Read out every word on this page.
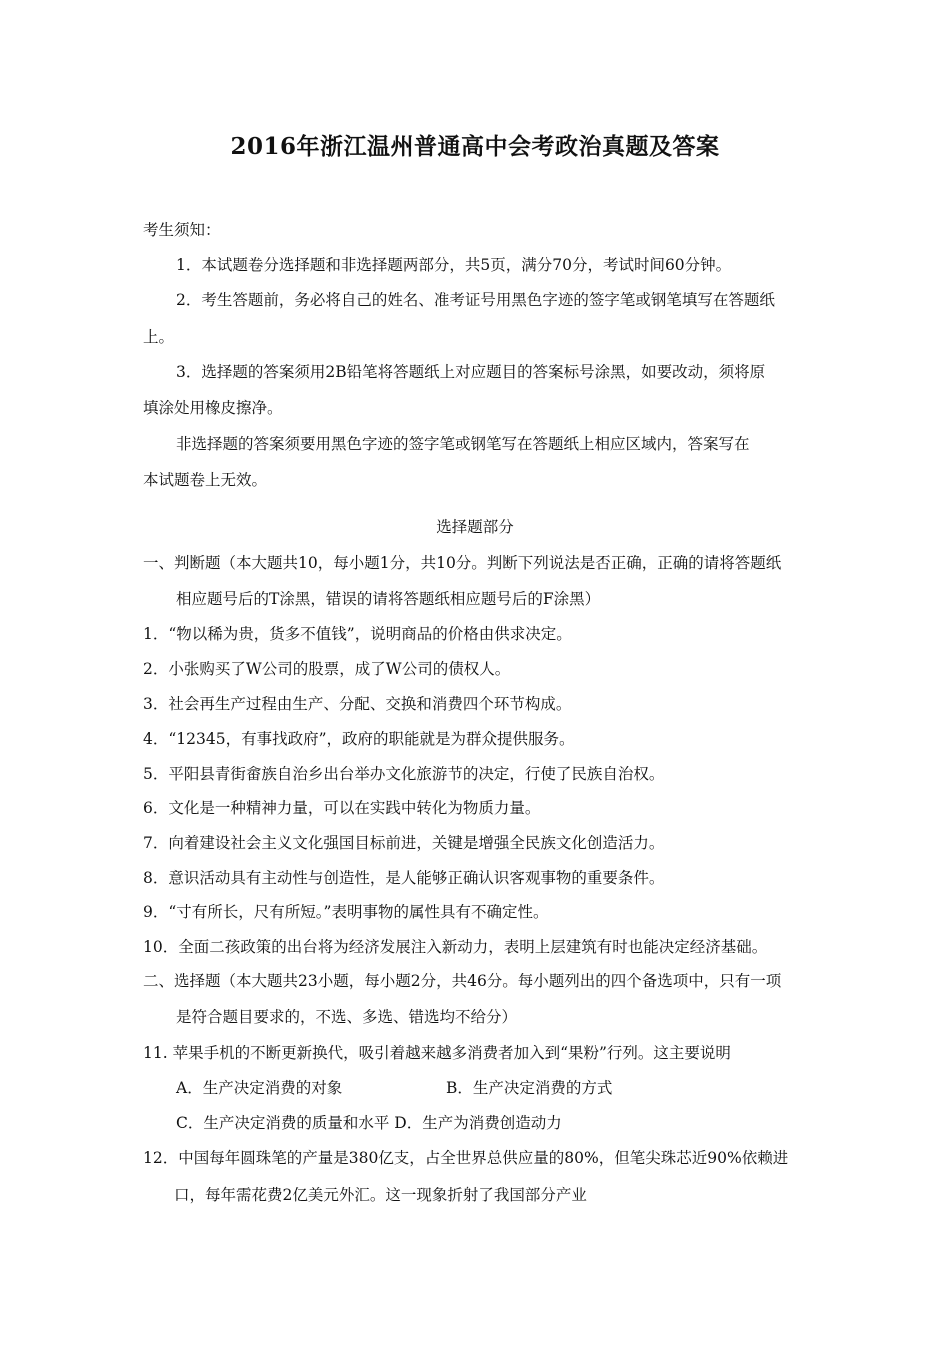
2016年浙江温州普通高中会考政治真题及答案
考生须知：
1．本试题卷分选择题和非选择题两部分，共5页，满分70分，考试时间60分钟。
2．考生答题前，务必将自己的姓名、准考证号用黑色字迹的签字笔或钢笔填写在答题纸
上。
3．选择题的答案须用2B铅笔将答题纸上对应题目的答案标号涂黑，如要改动，须将原
填涂处用橡皮擦净。
非选择题的答案须要用黑色字迹的签字笔或钢笔写在答题纸上相应区域内，答案写在
本试题卷上无效。
选择题部分
一、判断题（本大题共10，每小题1分，共10分。判断下列说法是否正确，正确的请将答题纸
相应题号后的T涂黑，错误的请将答题纸相应题号后的F涂黑）
1．“物以稀为贵，货多不值钱”，说明商品的价格由供求决定。
2．小张购买了W公司的股票，成了W公司的债权人。
3．社会再生产过程由生产、分配、交换和消费四个环节构成。
4．“12345，有事找政府”，政府的职能就是为群众提供服务。
5．平阳县青街畲族自治乡出台举办文化旅游节的决定，行使了民族自治权。
6．文化是一种精神力量，可以在实践中转化为物质力量。
7．向着建设社会主义文化强国目标前进，关键是增强全民族文化创造活力。
8．意识活动具有主动性与创造性，是人能够正确认识客观事物的重要条件。
9．“寸有所长，尺有所短。”表明事物的属性具有不确定性。
10．全面二孩政策的出台将为经济发展注入新动力，表明上层建筑有时也能决定经济基础。
二、选择题（本大题共23小题，每小题2分，共46分。每小题列出的四个备选项中，只有一项
是符合题目要求的，不选、多选、错选均不给分）
11. 苹果手机的不断更新换代，吸引着越来越多消费者加入到“果粉”行列。这主要说明
A．生产决定消费的对象	B．生产决定消费的方式
C．生产决定消费的质量和水平 D．生产为消费创造动力
12．中国每年圆珠笔的产量是380亿支，占全世界总供应量的80%，但笔尖珠芯近90%依赖进
口，每年需花费2亿美元外汇。这一现象折射了我国部分产业
